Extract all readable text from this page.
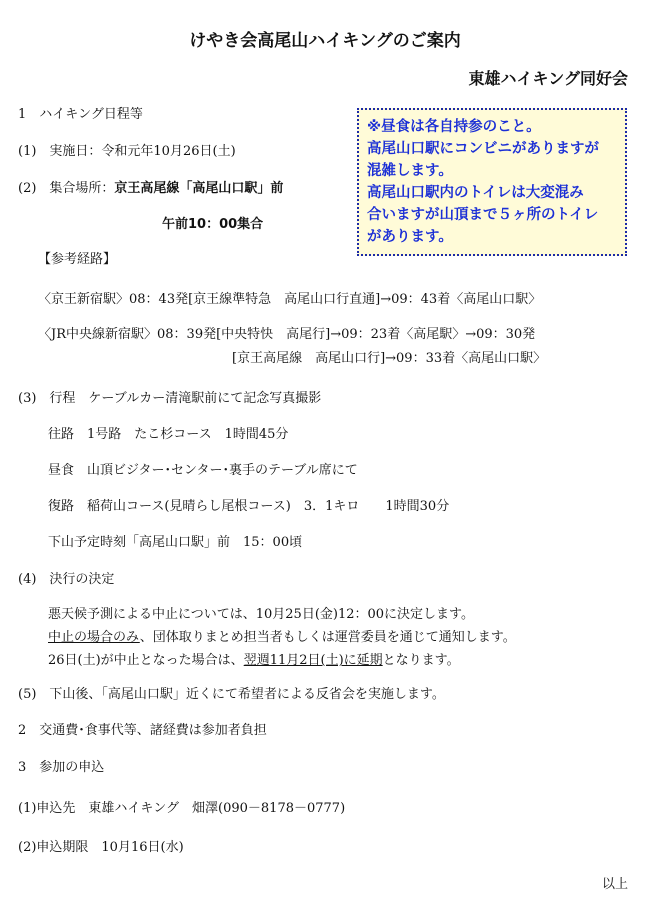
けやき会高尾山ハイキングのご案内
東雄ハイキング同好会
※昼食は各自持参のこと。
高尾山口駅にコンビニがありますが
混雑します。
高尾山口駅内のトイレは大変混み
合いますが山頂まで５ヶ所のトイレ
があります。
1　ハイキング日程等
(1)　実施日：令和元年10月26日(土)
(2)　集合場所：京王高尾線「高尾山口駅」前
午前10：00集合
【参考経路】
〈京王新宿駅〉08：43発[京王線準特急　高尾山口行直通]→09：43着〈高尾山口駅〉
〈JR中央線新宿駅〉08：39発[中央特快　高尾行]→09：23着〈高尾駅〉→09：30発
[京王高尾線　高尾山口行]→09：33着〈高尾山口駅〉
(3)　行程　ケーブルカー清滝駅前にて記念写真撮影
往路　1号路　たこ杉コース　1時間45分
昼食　山頂ビジター･センター･裏手のテーブル席にて
復路　稲荷山コース(見晴らし尾根コース)　3．1キロ　　1時間30分
下山予定時刻「高尾山口駅」前　15：00頃
(4)　決行の決定
悪天候予測による中止については、10月25日(金)12：00に決定します。
中止の場合のみ、団体取りまとめ担当者もしくは運営委員を通じて通知します。
26日(土)が中止となった場合は、翌週11月2日(土)に延期となります。
(5)　下山後、「高尾山口駅」近くにて希望者による反省会を実施します。
2　交通費･食事代等、諸経費は参加者負担
3　参加の申込
(1)申込先　東雄ハイキング　畑澤(090－8178－0777)
(2)申込期限　10月16日(水)
以上
